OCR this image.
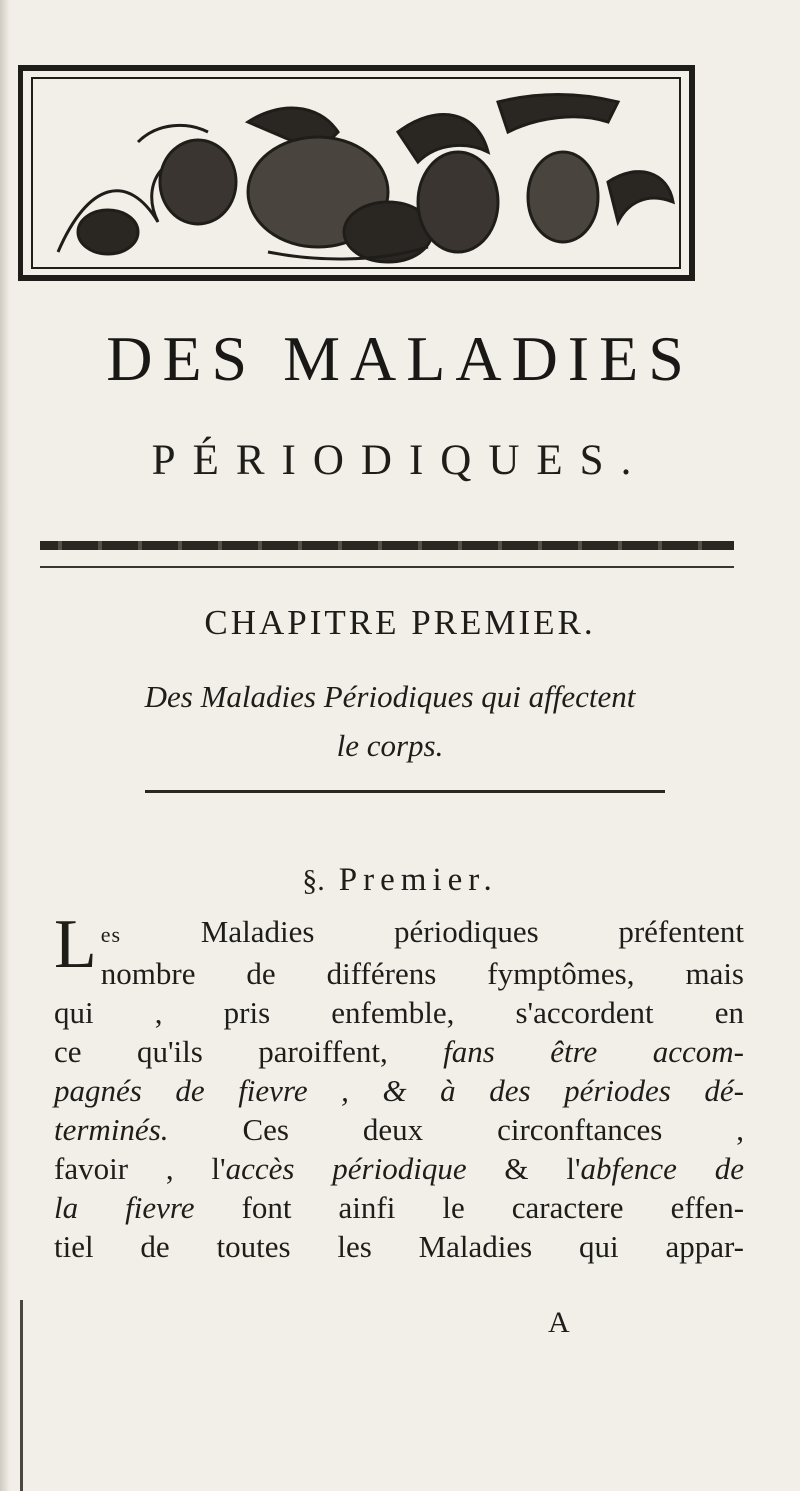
DES MALADIES
PÉRIODIQUES.
CHAPITRE PREMIER.
Des Maladies Périodiques qui affectent
le corps.
§. Premier.
Les Maladies périodiques préfentent
nombre de différens fymptômes, mais
qui , pris enfemble, s'accordent en
ce qu'ils paroiffent, fans être accom-
pagnés de fievre , & à des périodes dé-
terminés. Ces deux circonftances ,
favoir , l'accès périodique & l'abfence de
la fievre font ainfi le caractere effen-
tiel de toutes les Maladies qui appar-
A
